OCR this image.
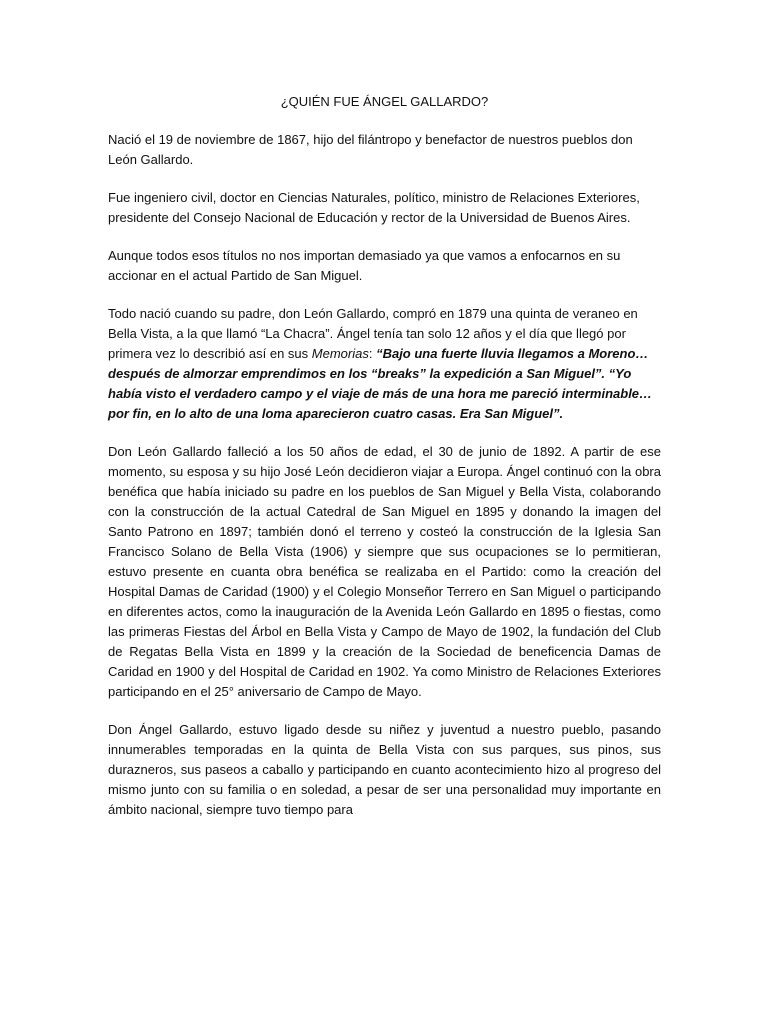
¿QUIÉN FUE ÁNGEL GALLARDO?

Nació el 19 de noviembre de 1867, hijo del filántropo y benefactor de nuestros pueblos don León Gallardo.

Fue ingeniero civil, doctor en Ciencias Naturales, político, ministro de Relaciones Exteriores, presidente del Consejo Nacional de Educación y rector de la Universidad de Buenos Aires.

Aunque todos esos títulos no nos importan demasiado ya que vamos a enfocarnos en su accionar en el actual Partido de San Miguel.

Todo nació cuando su padre, don León Gallardo, compró en 1879 una quinta de veraneo en Bella Vista, a la que llamó “La Chacra”. Ángel tenía tan solo 12 años y el día que llegó por primera vez lo describió así en sus Memorias: “Bajo una fuerte lluvia llegamos a Moreno…después de almorzar emprendimos en los “breaks” la expedición a San Miguel”. “Yo había visto el verdadero campo y el viaje de más de una hora me pareció interminable…por fin, en lo alto de una loma aparecieron cuatro casas. Era San Miguel”.

Don León Gallardo falleció a los 50 años de edad, el 30 de junio de 1892. A partir de ese momento, su esposa y su hijo José León decidieron viajar a Europa. Ángel continuó con la obra benéfica que había iniciado su padre en los pueblos de San Miguel y Bella Vista, colaborando con la construcción de la actual Catedral de San Miguel en 1895 y donando la imagen del Santo Patrono en 1897; también donó el terreno y costeó la construcción de la Iglesia San Francisco Solano de Bella Vista (1906) y siempre que sus ocupaciones se lo permitieran, estuvo presente en cuanta obra benéfica se realizaba en el Partido: como la creación del Hospital Damas de Caridad (1900) y el Colegio Monseñor Terrero en San Miguel o participando en diferentes actos, como la inauguración de la Avenida León Gallardo en 1895 o fiestas, como las primeras Fiestas del Árbol en Bella Vista y Campo de Mayo de 1902, la fundación del Club de Regatas Bella Vista en 1899 y la creación de la Sociedad de beneficencia Damas de Caridad en 1900 y del Hospital de Caridad en 1902. Ya como Ministro de Relaciones Exteriores participando en el 25° aniversario de Campo de Mayo.

Don Ángel Gallardo, estuvo ligado desde su niñez y juventud a nuestro pueblo, pasando innumerables temporadas en la quinta de Bella Vista con sus parques, sus pinos, sus durazneros, sus paseos a caballo y participando en cuanto acontecimiento hizo al progreso del mismo junto con su familia o en soledad, a pesar de ser una personalidad muy importante en ámbito nacional, siempre tuvo tiempo para
